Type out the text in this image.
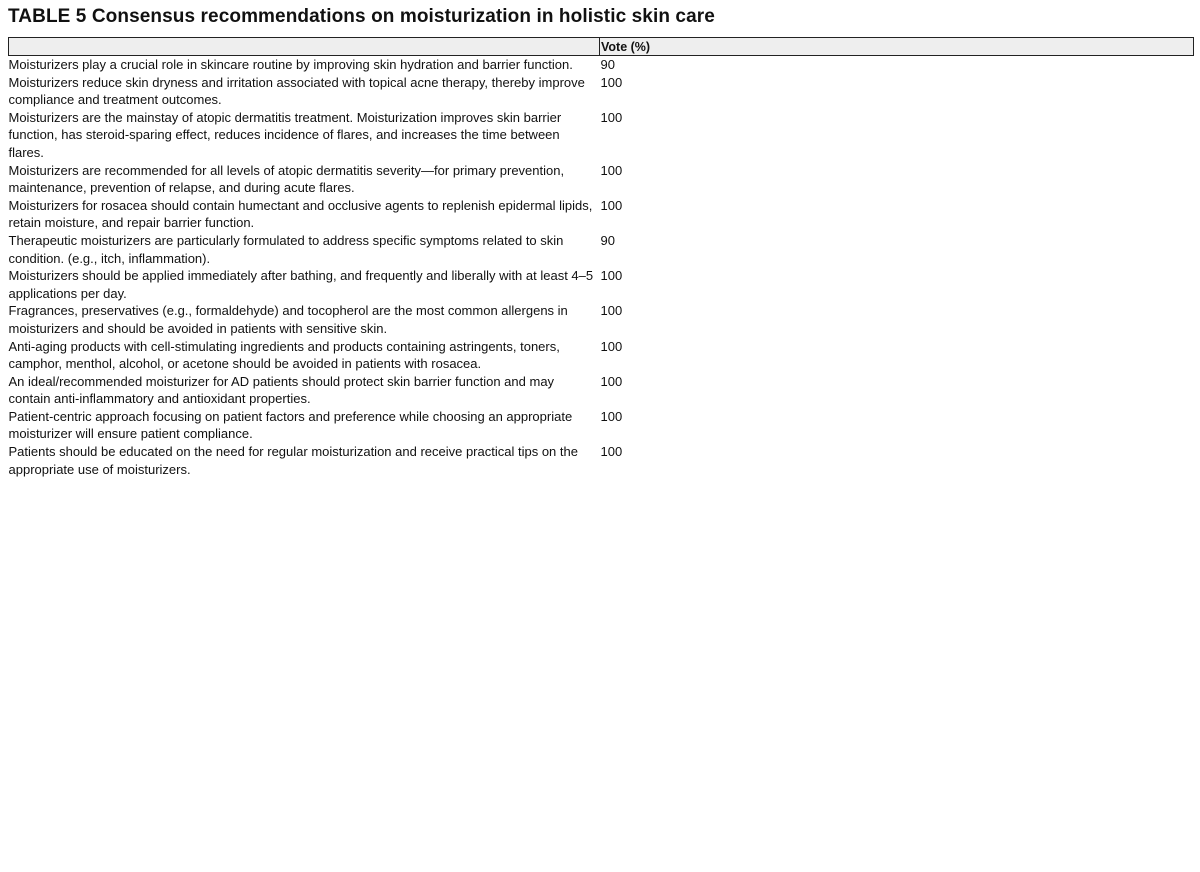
TABLE 5 Consensus recommendations on moisturization in holistic skin care
	Vote (%)
Moisturizers play a crucial role in skincare routine by improving skin hydration and barrier function.	90
Moisturizers reduce skin dryness and irritation associated with topical acne therapy, thereby improve compliance and treatment outcomes.	100
Moisturizers are the mainstay of atopic dermatitis treatment. Moisturization improves skin barrier function, has steroid-sparing effect, reduces incidence of flares, and increases the time between flares.	100
Moisturizers are recommended for all levels of atopic dermatitis severity—for primary prevention, maintenance, prevention of relapse, and during acute flares.	100
Moisturizers for rosacea should contain humectant and occlusive agents to replenish epidermal lipids, retain moisture, and repair barrier function.	100
Therapeutic moisturizers are particularly formulated to address specific symptoms related to skin condition. (e.g., itch, inflammation).	90
Moisturizers should be applied immediately after bathing, and frequently and liberally with at least 4–5 applications per day.	100
Fragrances, preservatives (e.g., formaldehyde) and tocopherol are the most common allergens in moisturizers and should be avoided in patients with sensitive skin.	100
Anti-aging products with cell-stimulating ingredients and products containing astringents, toners, camphor, menthol, alcohol, or acetone should be avoided in patients with rosacea.	100
An ideal/recommended moisturizer for AD patients should protect skin barrier function and may contain anti-inflammatory and antioxidant properties.	100
Patient-centric approach focusing on patient factors and preference while choosing an appropriate moisturizer will ensure patient compliance.	100
Patients should be educated on the need for regular moisturization and receive practical tips on the appropriate use of moisturizers.	100
